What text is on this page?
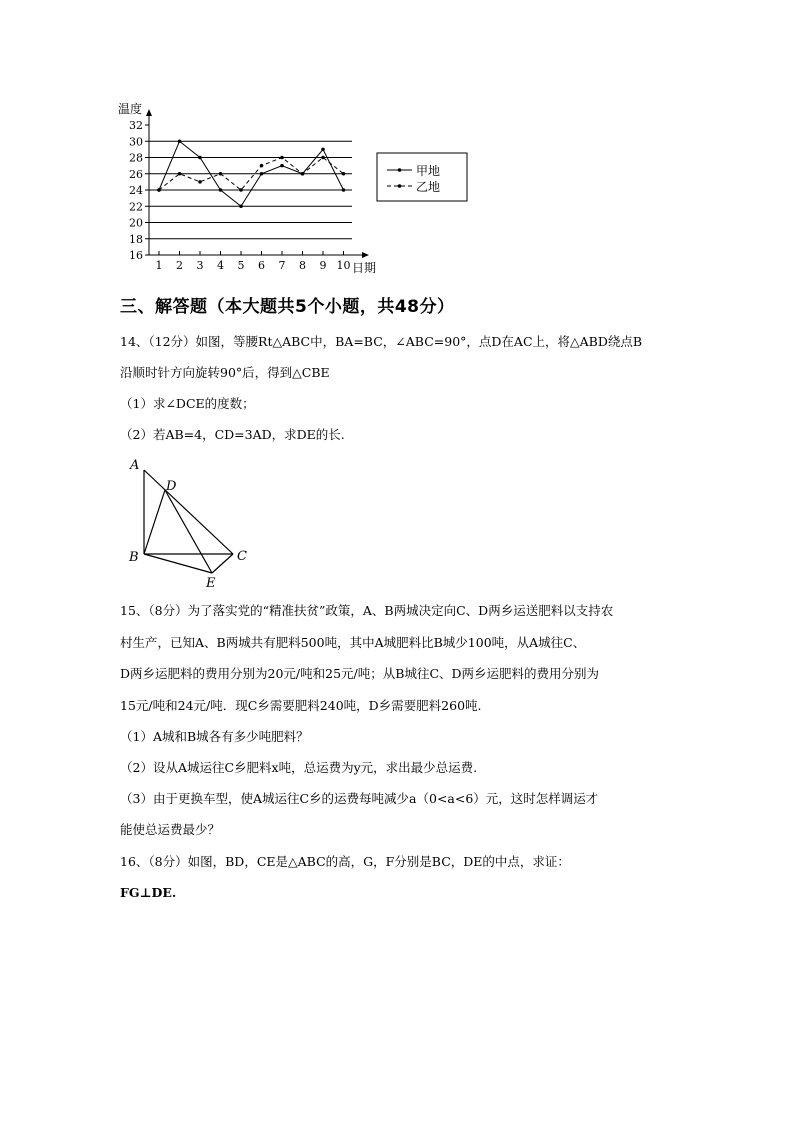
16
18
20
22
24
26
28
30
32
1 2 3 4 5 6 7 8 9 10
温度
日期
甲地
乙地
三、解答题（本大题共5个小题，共48分）
14、（12分）如图，等腰Rt△ABC中，BA=BC，∠ABC=90°，点D在AC上，将△ABD绕点B
沿顺时针方向旋转90°后，得到△CBE
（1）求∠DCE的度数；
（2）若AB=4，CD=3AD，求DE的长.
A
D
B	C
E
15、（8分）为了落实党的“精准扶贫”政策，A、B两城决定向C、D两乡运送肥料以支持农
村生产，已知A、B两城共有肥料500吨，其中A城肥料比B城少100吨，从A城往C、
D两乡运肥料的费用分别为20元/吨和25元/吨；从B城往C、D两乡运肥料的费用分别为
15元/吨和24元/吨．现C乡需要肥料240吨，D乡需要肥料260吨.
（1）A城和B城各有多少吨肥料？
（2）设从A城运往C乡肥料x吨，总运费为y元，求出最少总运费.
（3）由于更换车型，使A城运往C乡的运费每吨减少a（0<a<6）元，这时怎样调运才
能使总运费最少？
16、（8分）如图，BD，CE是△ABC的高，G，F分别是BC，DE的中点，求证：
FG⊥DE.
